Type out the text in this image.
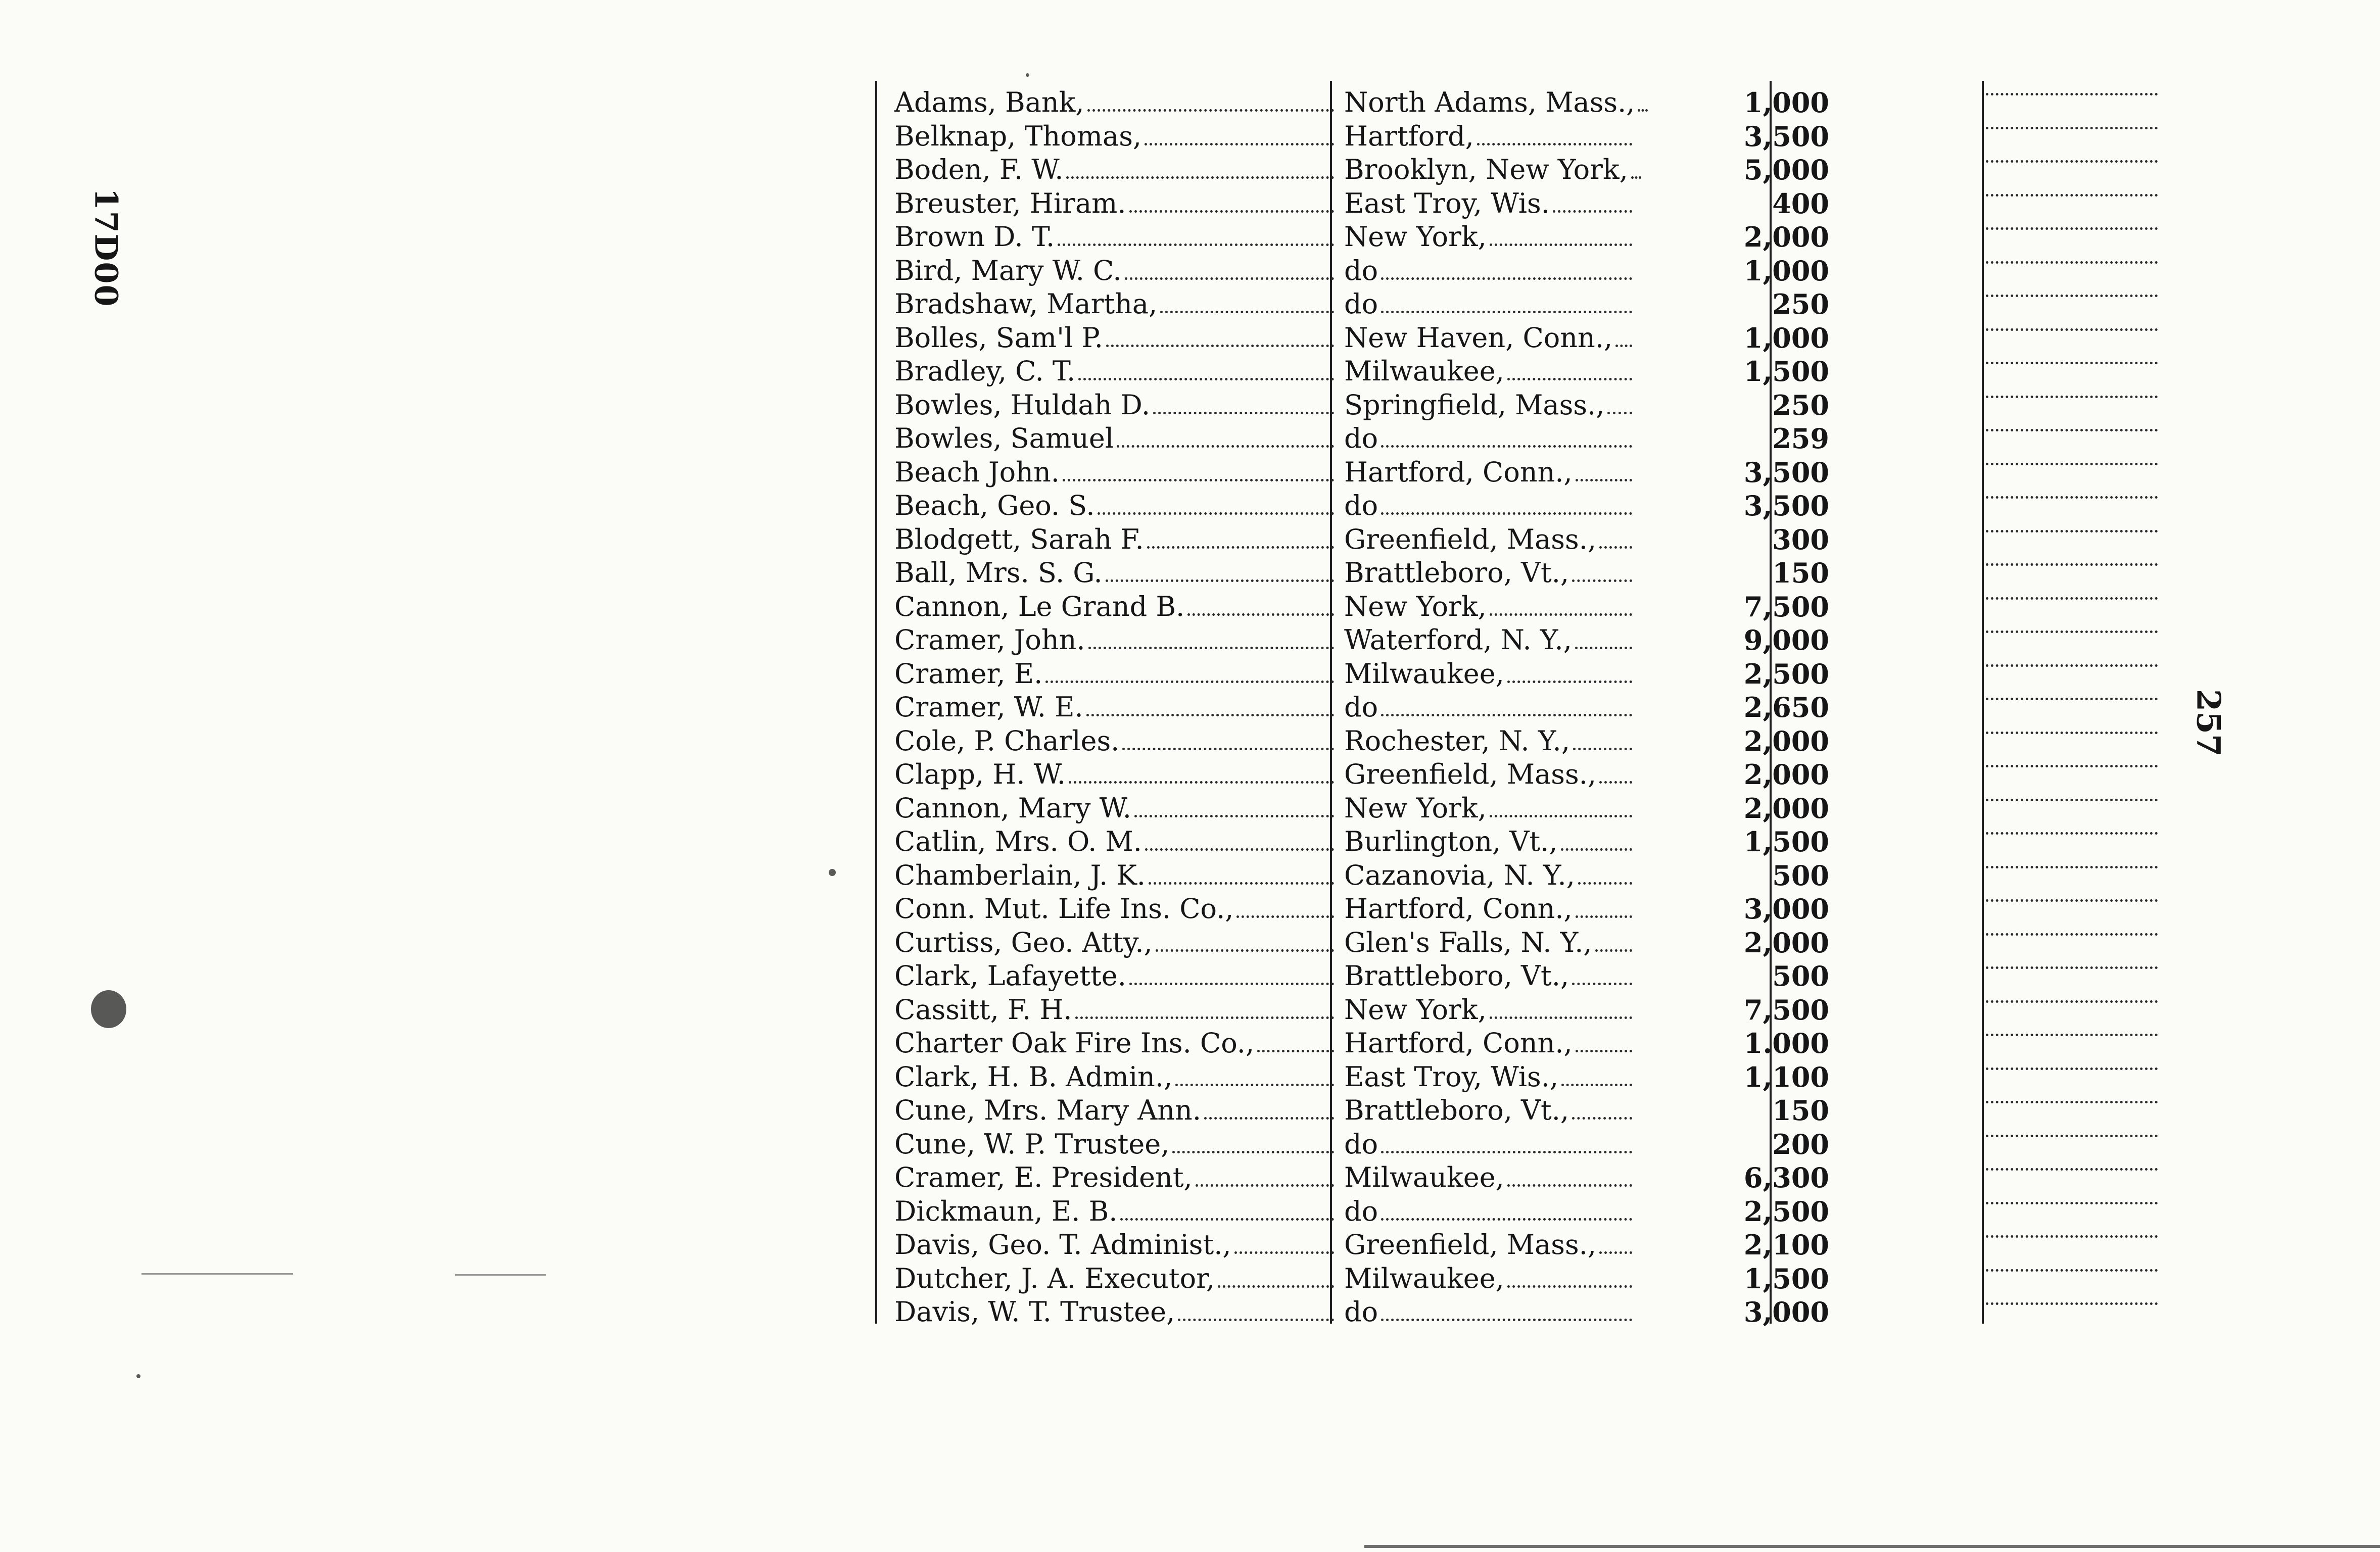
17D00
257
Adams, Bank,	North Adams, Mass.,	1,000
Belknap, Thomas,	Hartford,	3,500
Boden, F. W.	Brooklyn, New York,	5,000
Breuster, Hiram.	East Troy, Wis.	400
Brown D. T.	New York,	2,000
Bird, Mary W. C.	do	1,000
Bradshaw, Martha,	do	250
Bolles, Sam'l P.	New Haven, Conn.,	1,000
Bradley, C. T.	Milwaukee,	1,500
Bowles, Huldah D.	Springfield, Mass.,	250
Bowles, Samuel	do	259
Beach John.	Hartford, Conn.,	3,500
Beach, Geo. S.	do	3,500
Blodgett, Sarah F.	Greenfield, Mass.,	300
Ball, Mrs. S. G.	Brattleboro, Vt.,	150
Cannon, Le Grand B.	New York,	7,500
Cramer, John.	Waterford, N. Y.,	9,000
Cramer, E.	Milwaukee,	2,500
Cramer, W. E.	do	2,650
Cole, P. Charles.	Rochester, N. Y.,	2,000
Clapp, H. W.	Greenfield, Mass.,	2,000
Cannon, Mary W.	New York,	2,000
Catlin, Mrs. O. M.	Burlington, Vt.,	1,500
Chamberlain, J. K.	Cazanovia, N. Y.,	500
Conn. Mut. Life Ins. Co.,	Hartford, Conn.,	3,000
Curtiss, Geo. Atty.,	Glen's Falls, N. Y.,	2,000
Clark, Lafayette.	Brattleboro, Vt.,	500
Cassitt, F. H.	New York,	7,500
Charter Oak Fire Ins. Co.,	Hartford, Conn.,	1.000
Clark, H. B. Admin.,	East Troy, Wis.,	1,100
Cune, Mrs. Mary Ann.	Brattleboro, Vt.,	150
Cune, W. P. Trustee,	do	200
Cramer, E. President,	Milwaukee,	6,300
Dickmaun, E. B.	do	2,500
Davis, Geo. T. Administ.,	Greenfield, Mass.,	2,100
Dutcher, J. A. Executor,	Milwaukee,	1,500
Davis, W. T. Trustee,	do	3,000
